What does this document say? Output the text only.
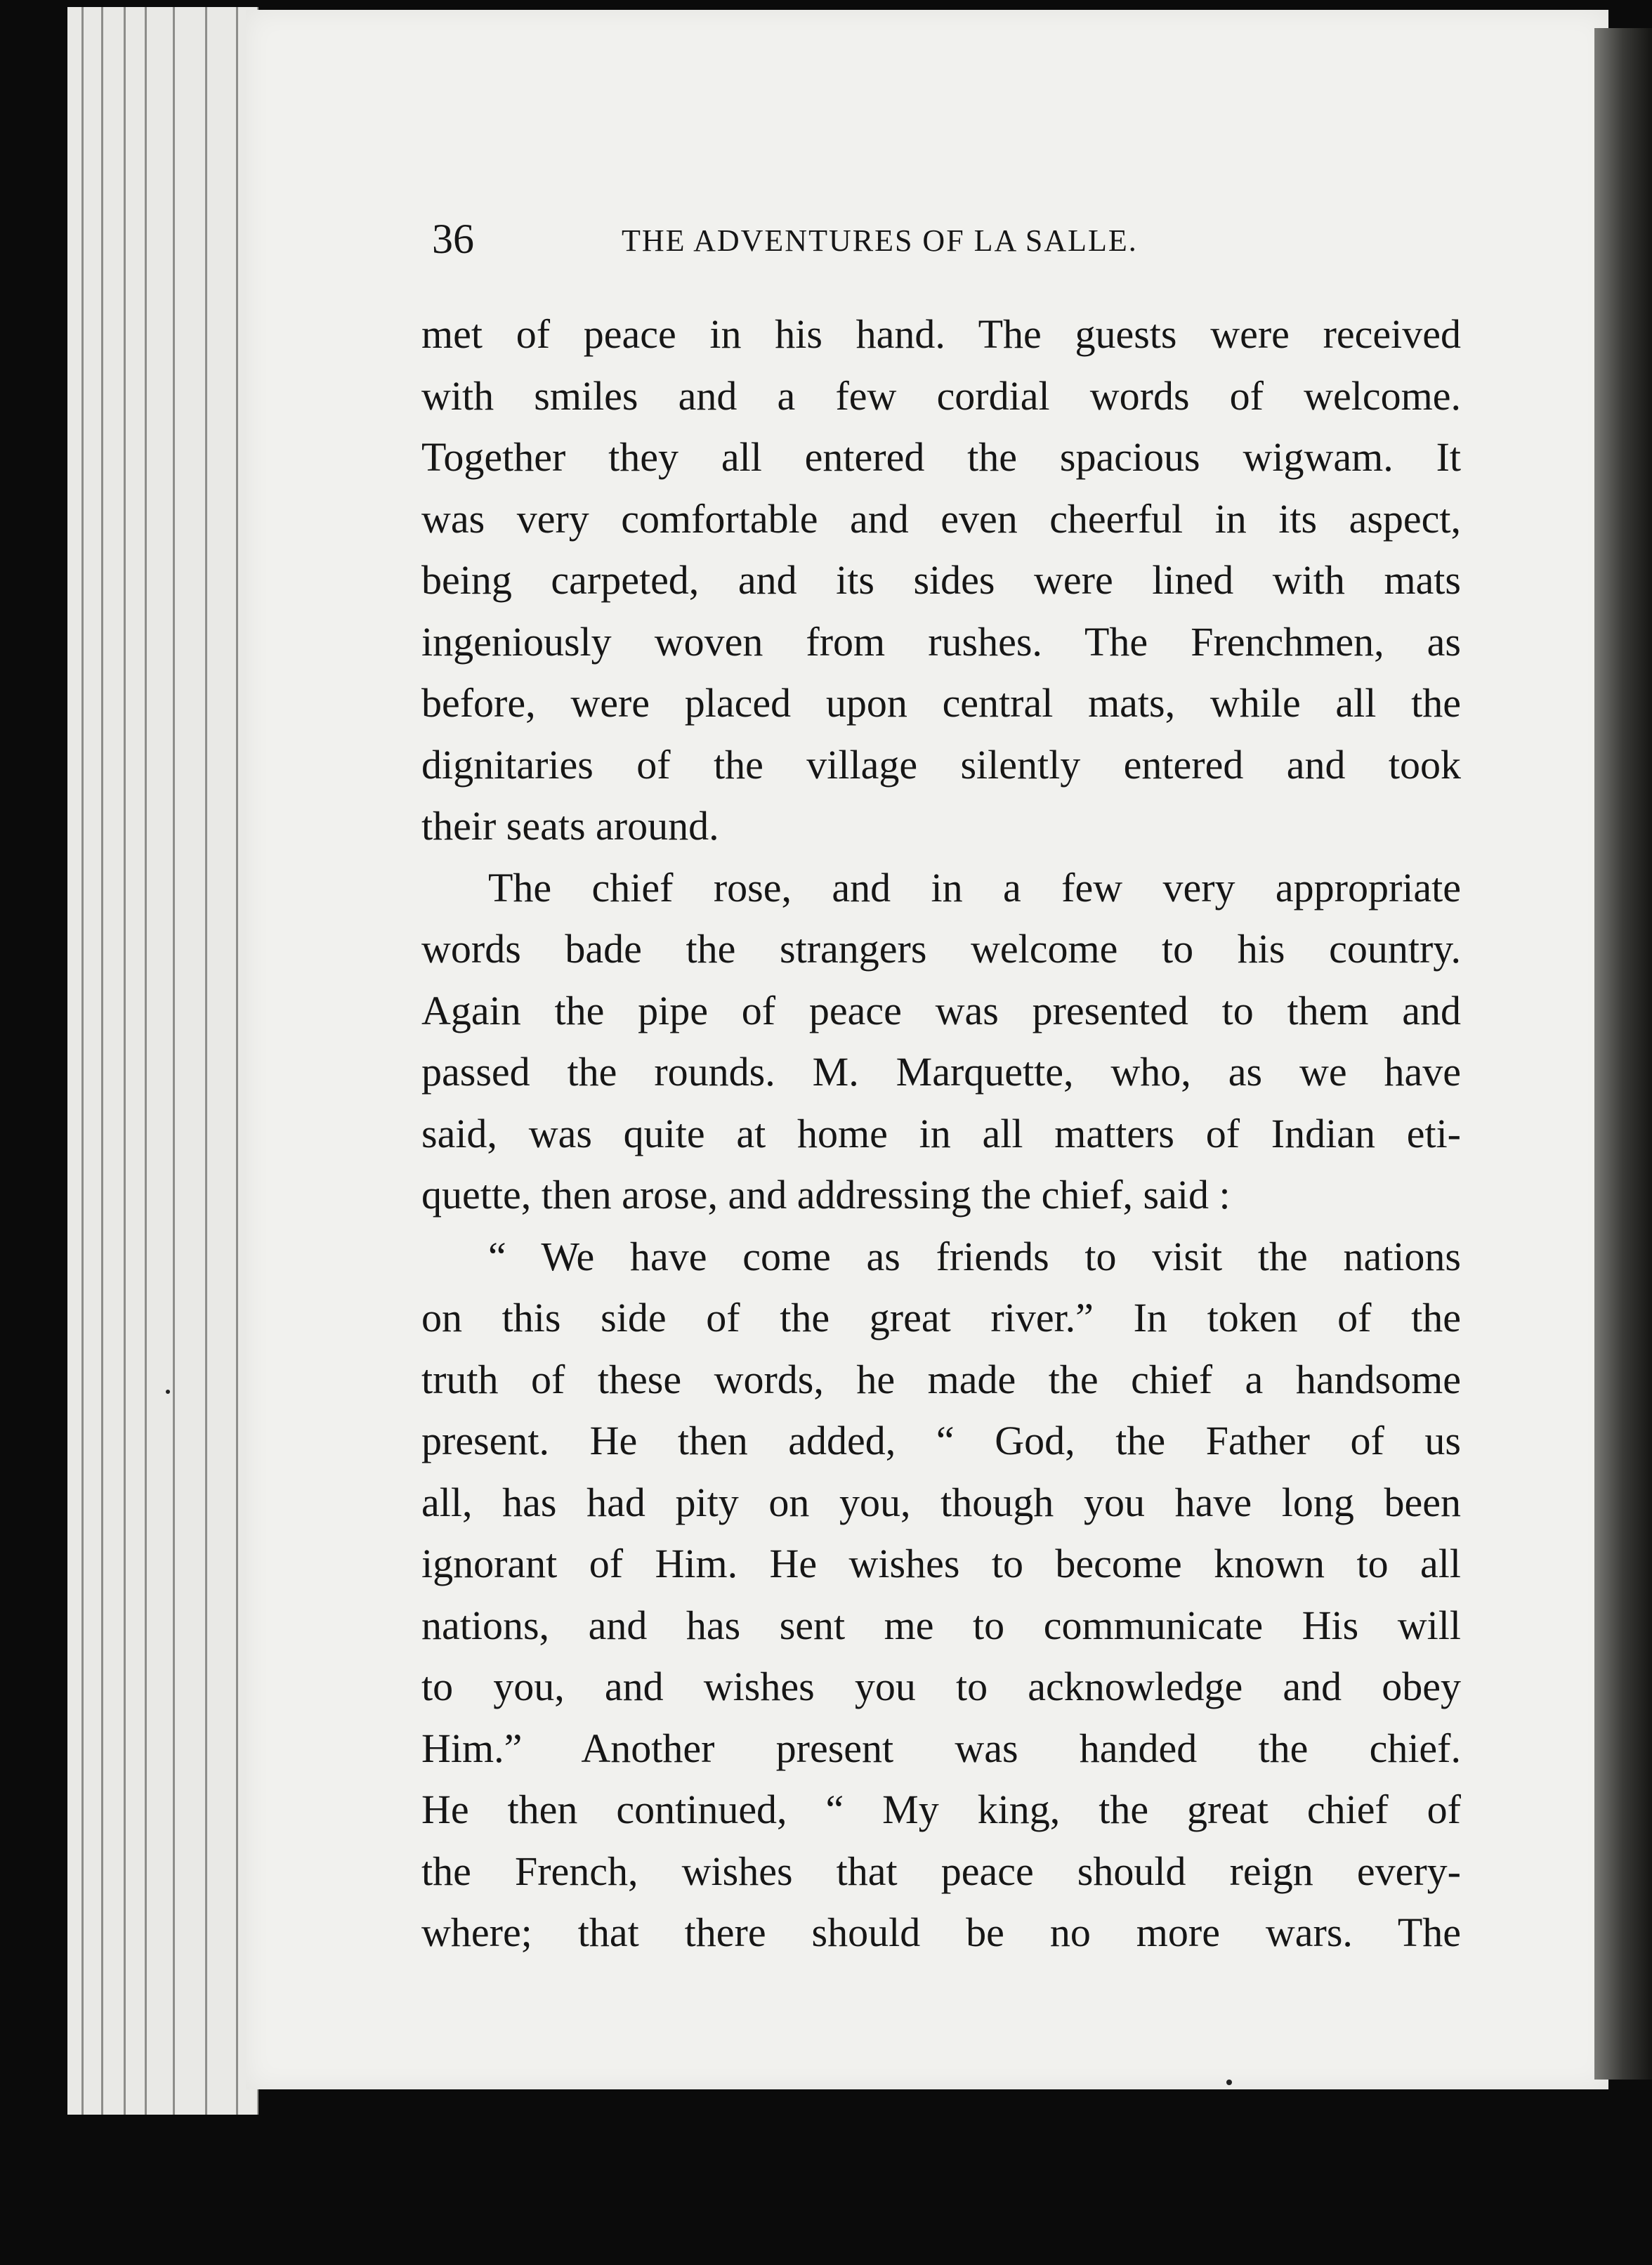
36	THE ADVENTURES OF LA SALLE.
met of peace in his hand. The guests were received
with smiles and a few cordial words of welcome.
Together they all entered the spacious wigwam. It
was very comfortable and even cheerful in its aspect,
being carpeted, and its sides were lined with mats
ingeniously woven from rushes. The Frenchmen, as
before, were placed upon central mats, while all the
dignitaries of the village silently entered and took
their seats around.
The chief rose, and in a few very appropriate
words bade the strangers welcome to his country.
Again the pipe of peace was presented to them and
passed the rounds. M. Marquette, who, as we have
said, was quite at home in all matters of Indian eti-
quette, then arose, and addressing the chief, said :
“ We have come as friends to visit the nations
on this side of the great river.” In token of the
truth of these words, he made the chief a handsome
present. He then added, “ God, the Father of us
all, has had pity on you, though you have long been
ignorant of Him. He wishes to become known to all
nations, and has sent me to communicate His will
to you, and wishes you to acknowledge and obey
Him.” Another present was handed the chief.
He then continued, “ My king, the great chief of
the French, wishes that peace should reign every-
where; that there should be no more wars. The
